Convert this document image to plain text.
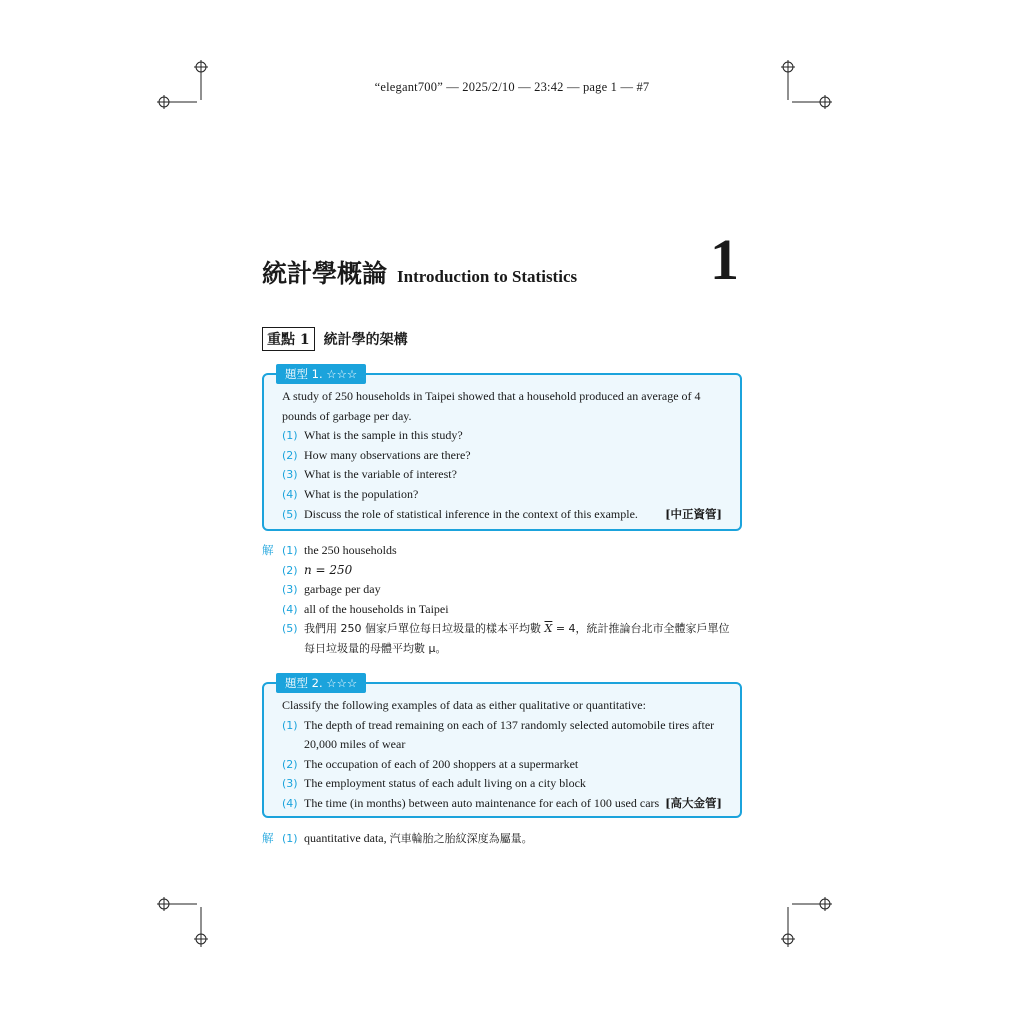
“elegant700” — 2025/2/10 — 23:42 — page 1 — #7
統計學概論 Introduction to Statistics 1
重點 1	統計學的架構
題型 1. ☆☆☆
A study of 250 households in Taipei showed that a household produced an average of 4
pounds of garbage per day.
(1) What is the sample in this study?
(2) How many observations are there?
(3) What is the variable of interest?
(4) What is the population?
(5) Discuss the role of statistical inference in the context of this example. [中正資管]
解 (1) the 250 households
(2) n = 250
(3) garbage per day
(4) all of the households in Taipei
(5) 我們用 250 個家戶單位每日垃圾量的樣本平均數 $\overline{X} = 4$，統計推論台北市全體家戶單位
每日垃圾量的母體平均數 μ。
題型 2. ☆☆☆
Classify the following examples of data as either qualitative or quantitative:
(1) The depth of tread remaining on each of 137 randomly selected automobile tires after
20,000 miles of wear
(2) The occupation of each of 200 shoppers at a supermarket
(3) The employment status of each adult living on a city block
(4) The time (in months) between auto maintenance for each of 100 used cars [高大金管]
解 (1) quantitative data, 汽車輪胎之胎紋深度為屬量。
